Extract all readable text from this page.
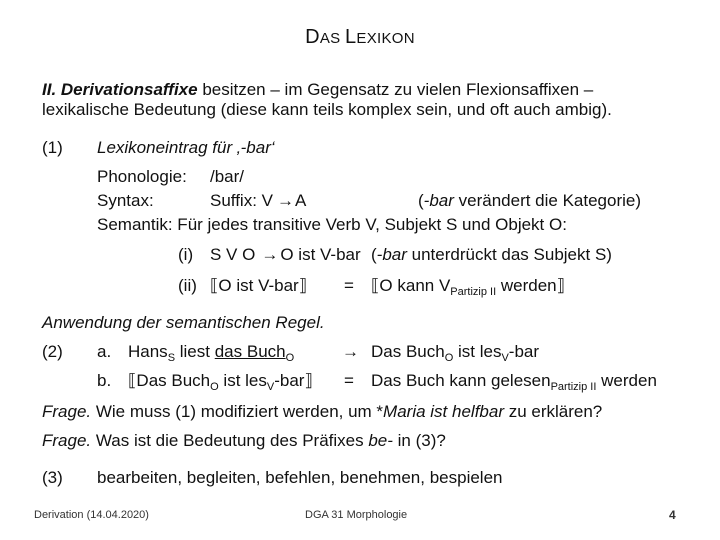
DAS LEXIKON
II. Derivationsaffixe besitzen – im Gegensatz zu vielen Flexionsaffixen –
lexikalische Bedeutung (diese kann teils komplex sein, und oft auch ambig).
(1) Lexikoneintrag für ‚-bar‘
Phonologie: /bar/
Syntax:	Suffix: V →A	(-bar verändert die Kategorie)
Semantik: Für jedes transitive Verb V, Subjekt S und Objekt O:
(i) S V O → O ist V-bar (-bar unterdrückt das Subjekt S)
(ii) ⟦O ist V-bar⟧ = ⟦O kann $V_{Partizip II}$ werden⟧
Anwendung der semantischen Regel.
(2) a. Hans$_S$ liest das Buch$_O$	→ Das Buch$_O$ ist les$_V$-bar
b. ⟦Das Buch$_O$ ist les$_V$-bar⟧ = Das Buch kann gelesen$_{Partizip II}$ werden
Frage. Wie muss (1) modifiziert werden, um *Maria ist helfbar zu erklären?
Frage. Was ist die Bedeutung des Präfixes be- in (3)?
(3) bearbeiten, begleiten, befehlen, benehmen, bespielen
Derivation (14.04.2020)	DGA 31 Morphologie	4
